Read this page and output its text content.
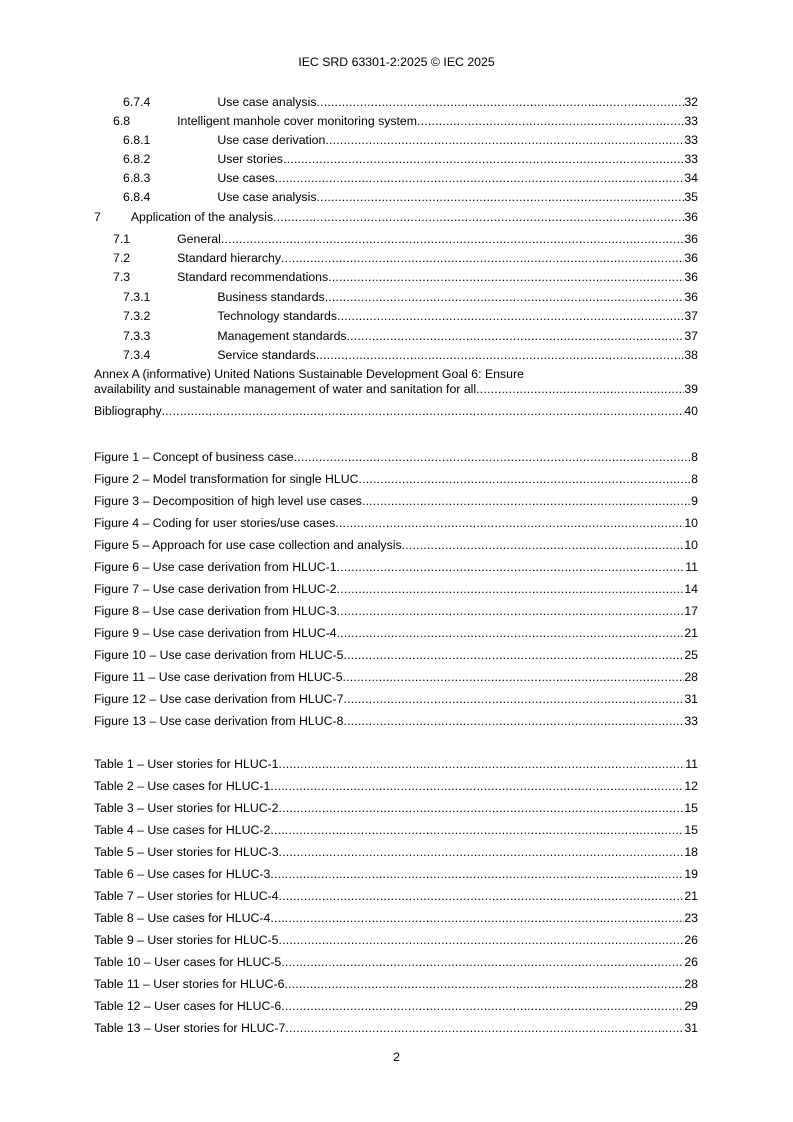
IEC SRD 63301-2:2025 © IEC 2025
6.7.4	Use case analysis .....	32
6.8	Intelligent manhole cover monitoring system .....	33
6.8.1	Use case derivation .....	33
6.8.2	User stories .....	33
6.8.3	Use cases .....	34
6.8.4	Use case analysis .....	35
7 Application of the analysis .....	36
7.1	General .....	36
7.2	Standard hierarchy .....	36
7.3	Standard recommendations .....	36
7.3.1	Business standards .....	36
7.3.2	Technology standards .....	37
7.3.3	Management standards .....	37
7.3.4	Service standards .....	38
Annex A (informative) United Nations Sustainable Development Goal 6: Ensure
availability and sustainable management of water and sanitation for all .....	39
Bibliography .....	40
Figure 1 – Concept of business case .....	8
Figure 2 – Model transformation for single HLUC .....	8
Figure 3 – Decomposition of high level use cases .....	9
Figure 4 – Coding for user stories/use cases .....	10
Figure 5 – Approach for use case collection and analysis .....	10
Figure 6 – Use case derivation from HLUC-1 .....	11
Figure 7 – Use case derivation from HLUC-2 .....	14
Figure 8 – Use case derivation from HLUC-3 .....	17
Figure 9 – Use case derivation from HLUC-4 .....	21
Figure 10 – Use case derivation from HLUC-5 .....	25
Figure 11 – Use case derivation from HLUC-5 .....	28
Figure 12 – Use case derivation from HLUC-7 .....	31
Figure 13 – Use case derivation from HLUC-8 .....	33
Table 1 – User stories for HLUC-1 .....	11
Table 2 – Use cases for HLUC-1 .....	12
Table 3 – User stories for HLUC-2 .....	15
Table 4 – Use cases for HLUC-2 .....	15
Table 5 – User stories for HLUC-3 .....	18
Table 6 – Use cases for HLUC-3 .....	19
Table 7 – User stories for HLUC-4 .....	21
Table 8 – Use cases for HLUC-4 .....	23
Table 9 – User stories for HLUC-5 .....	26
Table 10 – User cases for HLUC-5 .....	26
Table 11 – User stories for HLUC-6 .....	28
Table 12 – User cases for HLUC-6 .....	29
Table 13 – User stories for HLUC-7 .....	31
2
